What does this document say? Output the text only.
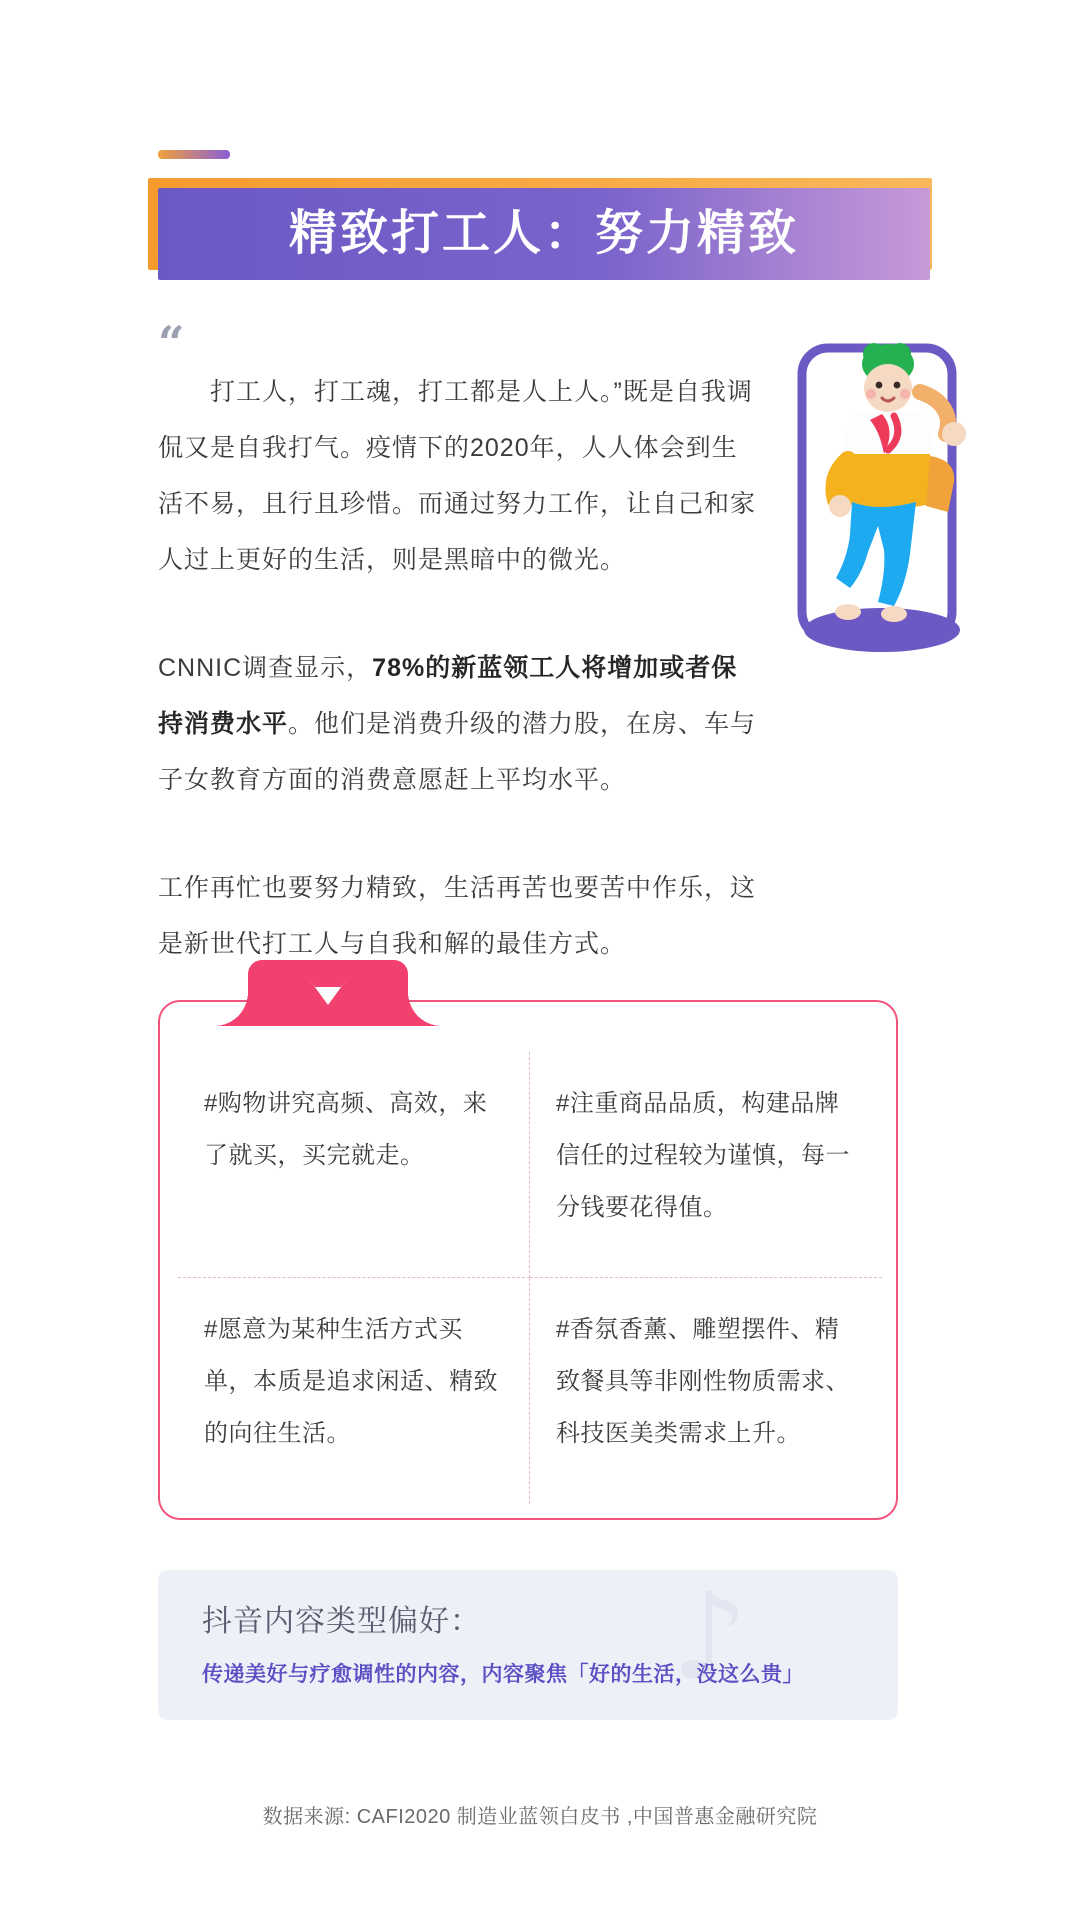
精致打工人：努力精致
“

打工人，打工魂，打工都是人上人。”既是自我调侃又是自我打气。疫情下的2020年，人人体会到生活不易，且行且珍惜。而通过努力工作，让自己和家人过上更好的生活，则是黑暗中的微光。

CNNIC调查显示，78%的新蓝领工人将增加或者保持消费水平。他们是消费升级的潜力股，在房、车与子女教育方面的消费意愿赶上平均水平。

工作再忙也要努力精致，生活再苦也要苦中作乐，这是新世代打工人与自我和解的最佳方式。

#购物讲究高频、高效，来了就买，买完就走。
#注重商品品质，构建品牌信任的过程较为谨慎，每一分钱要花得值。
#愿意为某种生活方式买单，本质是追求闲适、精致的向往生活。
#香氛香薰、雕塑摆件、精致餐具等非刚性物质需求、科技医美类需求上升。
♪
抖音内容类型偏好：
传递美好与疗愈调性的内容，内容聚焦「好的生活，没这么贵」
数据来源: CAFI2020 制造业蓝领白皮书 ,中国普惠金融研究院
